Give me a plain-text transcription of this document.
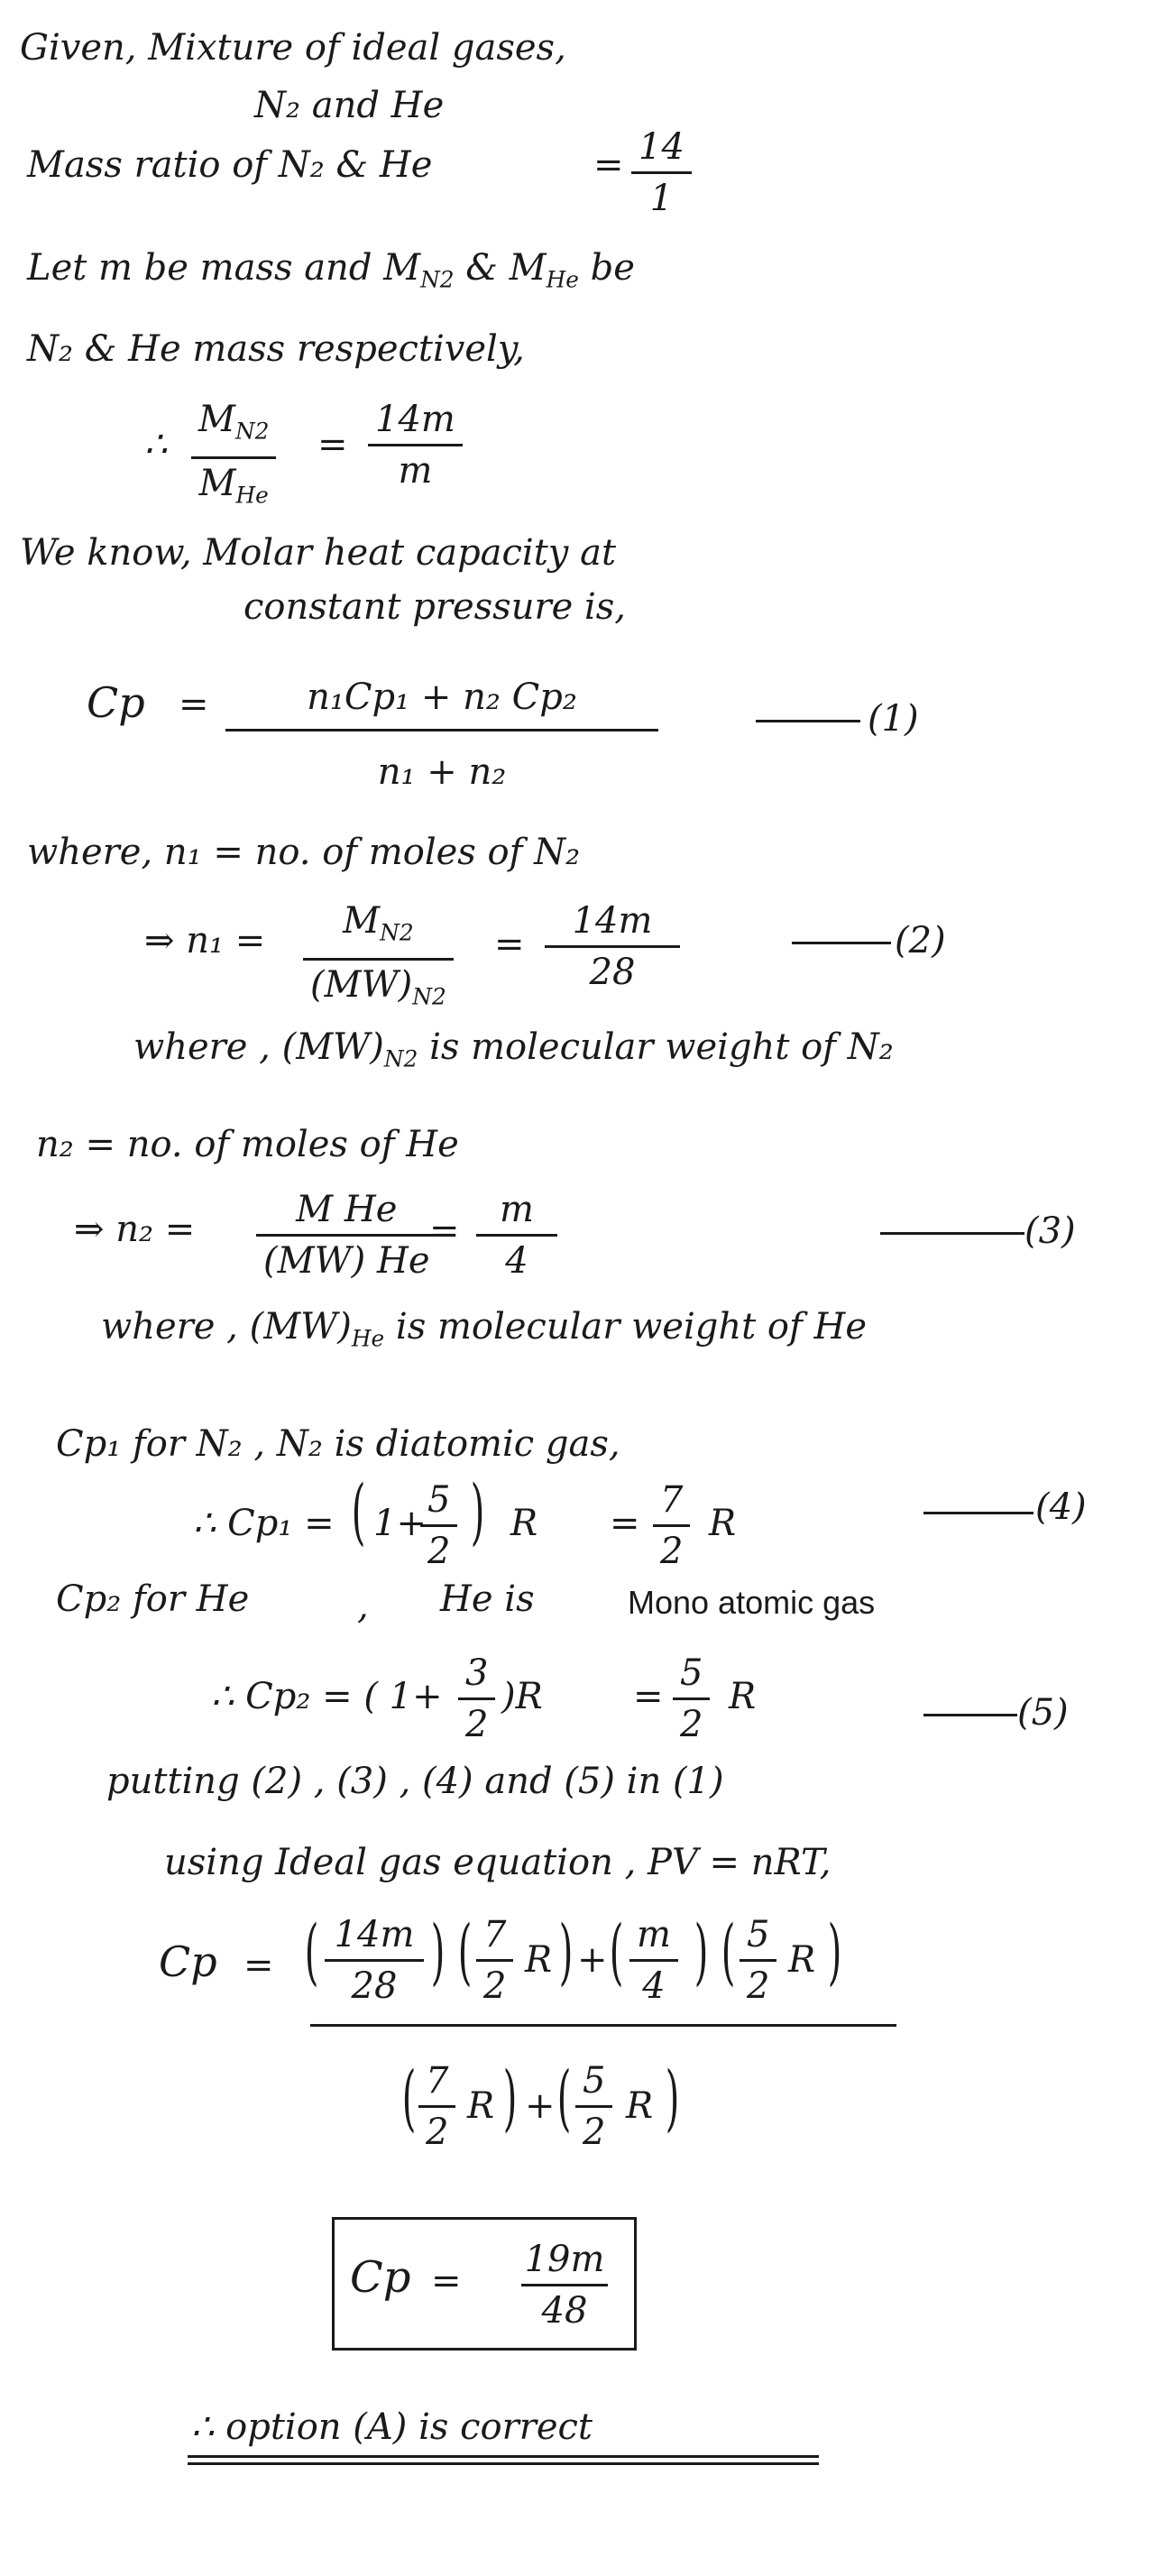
Given, Mixture of ideal gases,
N₂ and He
Mass ratio of N₂ & He	= 14
1
Let m be mass and $M_{N2}$ & $M_{He}$ be
N₂ & He mass respectively,
∴
$M_{N2}$
$M_{He}$
=
14m
m
We know, Molar heat capacity at
constant pressure is,
Cp =	n₁Cp₁ + n₂ Cp₂
n₁ + n₂
(1)
where, n₁ = no. of moles of N₂
⇒ $n_1 = M_{N2}$
$(MW)_{N2}$
=
14m
28
(2)
where , $(MW)_{N2}$ is molecular weight of N₂
n₂ = no. of moles of He
⇒ n₂ =	M He
(MW) He
=
m
4
(3)
where , $(MW)_{He}$ is molecular weight of He
Cp₁ for N₂ , N₂ is diatomic gas,
∴ Cp₁ = ( 1+
5
2 ) R =
7
2
R	(4)
Cp₂ for He	, He is	Mono atomic gas
∴ Cp₂ = ( 1+
3
2
)R	=
5
2
R	(5)
putting (2) , (3) , (4) and (5) in (1)
using Ideal gas equation , PV = nRT,
Cp = ( 14m
28 ) ( 7
2
R ) + ( m
4 ) ( 5
2
R )
( 7
2
R ) + ( 5
2
R )
Cp =
19m
48
∴ option (A) is correct
